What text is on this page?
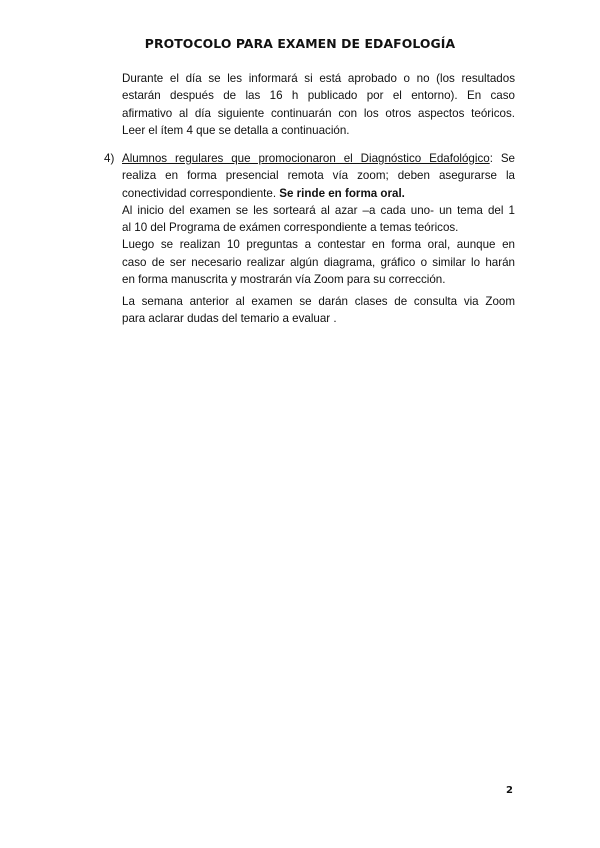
PROTOCOLO PARA EXAMEN DE EDAFOLOGÍA
Durante el día se les informará si está aprobado o no (los resultados
estarán después de las 16 h publicado por el entorno). En caso
afirmativo al día siguiente continuarán con los otros aspectos teóricos.
Leer el ítem 4 que se detalla a continuación.
4) Alumnos regulares que promocionaron el Diagnóstico Edafológico: Se
realiza en forma presencial remota vía zoom; deben asegurarse la
conectividad correspondiente. Se rinde en forma oral.
Al inicio del examen se les sorteará al azar –a cada uno- un tema del 1
al 10 del Programa de exámen correspondiente a temas teóricos.
Luego se realizan 10 preguntas a contestar en forma oral, aunque en
caso de ser necesario realizar algún diagrama, gráfico o similar lo harán
en forma manuscrita y mostrarán vía Zoom para su corrección.
La semana anterior al examen se darán clases de consulta via Zoom
para aclarar dudas del temario a evaluar .
2
